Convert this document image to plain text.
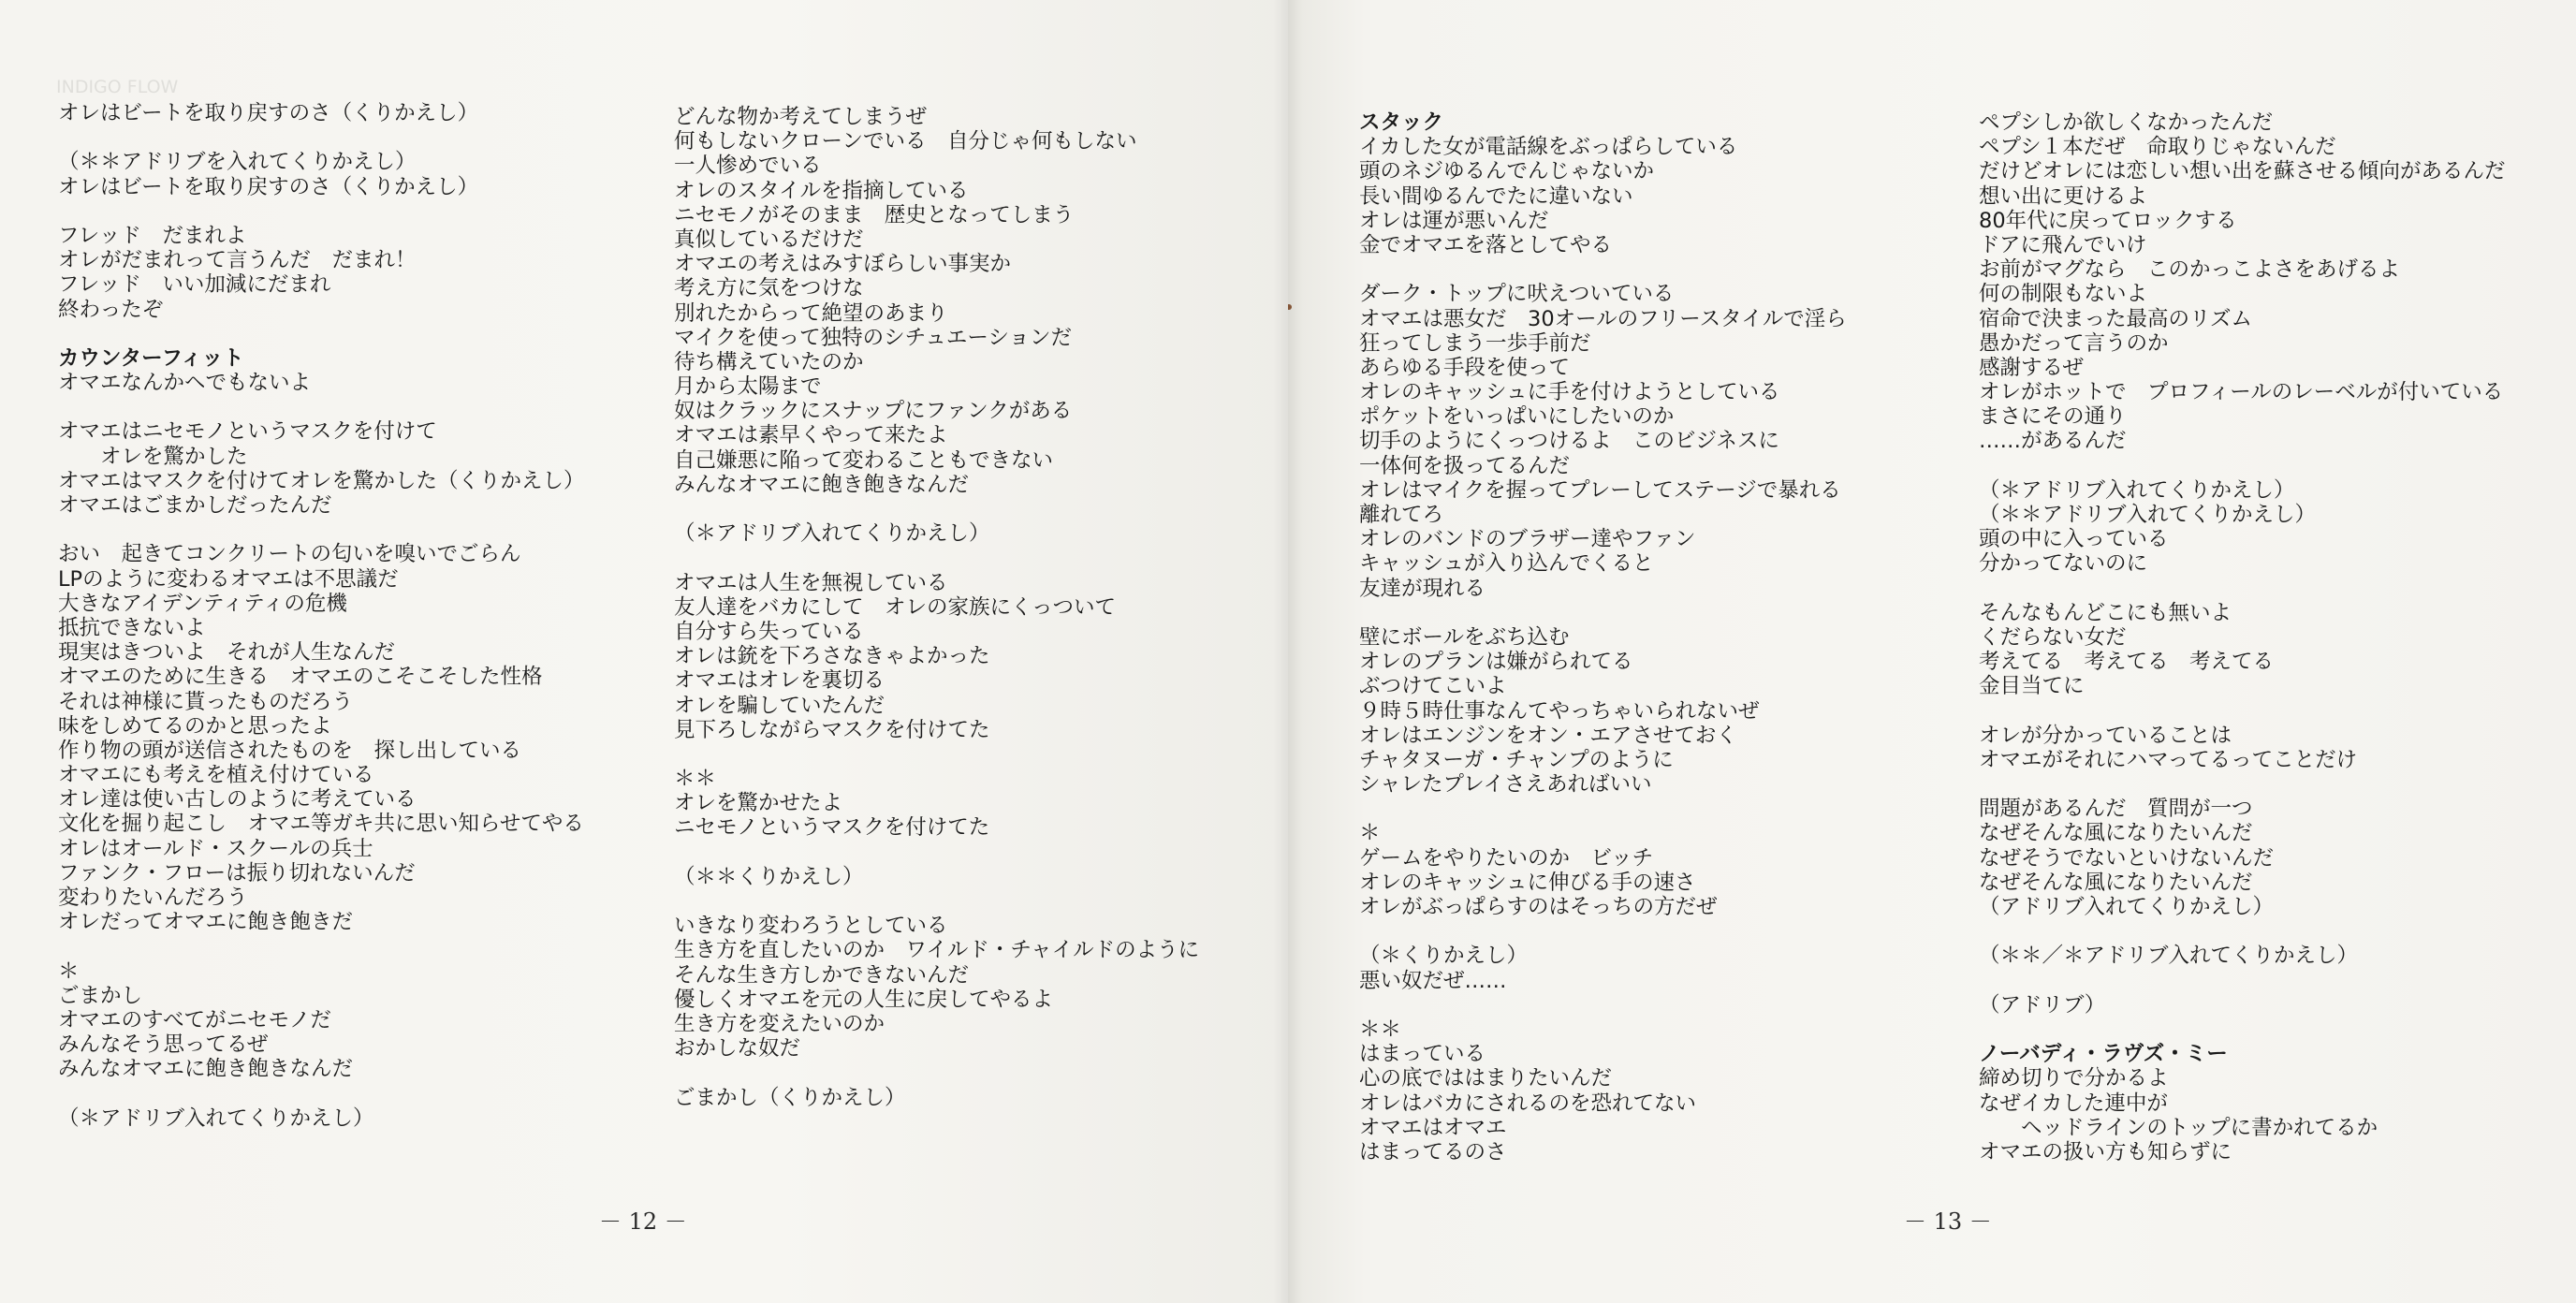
INDIGO FLOW
オレはビートを取り戻すのさ（くりかえし）
（＊＊アドリブを入れてくりかえし）
オレはビートを取り戻すのさ（くりかえし）
フレッド　だまれよ
オレがだまれって言うんだ　だまれ！
フレッド　いい加減にだまれ
終わったぞ
カウンターフィット
オマエなんかヘでもないよ
オマエはニセモノというマスクを付けて
　　オレを驚かした
オマエはマスクを付けてオレを驚かした（くりかえし）
オマエはごまかしだったんだ
おい　起きてコンクリートの匂いを嗅いでごらん
LPのように変わるオマエは不思議だ
大きなアイデンティティの危機
抵抗できないよ
現実はきついよ　それが人生なんだ
オマエのために生きる　オマエのこそこそした性格
それは神様に貰ったものだろう
味をしめてるのかと思ったよ
作り物の頭が送信されたものを　探し出している
オマエにも考えを植え付けている
オレ達は使い古しのように考えている
文化を掘り起こし　オマエ等ガキ共に思い知らせてやる
オレはオールド・スクールの兵士
ファンク・フローは振り切れないんだ
変わりたいんだろう
オレだってオマエに飽き飽きだ
＊
ごまかし
オマエのすべてがニセモノだ
みんなそう思ってるぜ
みんなオマエに飽き飽きなんだ
（＊アドリブ入れてくりかえし）
どんな物か考えてしまうぜ
何もしないクローンでいる　自分じゃ何もしない
一人惨めでいる
オレのスタイルを指摘している
ニセモノがそのまま　歴史となってしまう
真似しているだけだ
オマエの考えはみすぼらしい事実か
考え方に気をつけな
別れたからって絶望のあまり
マイクを使って独特のシチュエーションだ
待ち構えていたのか
月から太陽まで
奴はクラックにスナップにファンクがある
オマエは素早くやって来たよ
自己嫌悪に陥って変わることもできない
みんなオマエに飽き飽きなんだ
（＊アドリブ入れてくりかえし）
オマエは人生を無視している
友人達をバカにして　オレの家族にくっついて
自分すら失っている
オレは銃を下ろさなきゃよかった
オマエはオレを裏切る
オレを騙していたんだ
見下ろしながらマスクを付けてた
＊＊
オレを驚かせたよ
ニセモノというマスクを付けてた
（＊＊くりかえし）
いきなり変わろうとしている
生き方を直したいのか　ワイルド・チャイルドのように
そんな生き方しかできないんだ
優しくオマエを元の人生に戻してやるよ
生き方を変えたいのか
おかしな奴だ
ごまかし（くりかえし）
－ 12 －
スタック
イカした女が電話線をぶっぱらしている
頭のネジゆるんでんじゃないか
長い間ゆるんでたに違いない
オレは運が悪いんだ
金でオマエを落としてやる
ダーク・トップに吠えついている
オマエは悪女だ　30オールのフリースタイルで淫ら
狂ってしまう一歩手前だ
あらゆる手段を使って
オレのキャッシュに手を付けようとしている
ポケットをいっぱいにしたいのか
切手のようにくっつけるよ　このビジネスに
一体何を扱ってるんだ
オレはマイクを握ってプレーしてステージで暴れる
離れてろ
オレのバンドのブラザー達やファン
キャッシュが入り込んでくると
友達が現れる
壁にボールをぶち込む
オレのプランは嫌がられてる
ぶつけてこいよ
９時５時仕事なんてやっちゃいられないぜ
オレはエンジンをオン・エアさせておく
チャタヌーガ・チャンプのように
シャレたプレイさえあればいい
＊
ゲームをやりたいのか　ビッチ
オレのキャッシュに伸びる手の速さ
オレがぶっぱらすのはそっちの方だぜ
（＊くりかえし）
悪い奴だぜ……
＊＊
はまっている
心の底でははまりたいんだ
オレはバカにされるのを恐れてない
オマエはオマエ
はまってるのさ
ペプシしか欲しくなかったんだ
ペプシ１本だぜ　命取りじゃないんだ
だけどオレには恋しい想い出を蘇させる傾向があるんだ
想い出に更けるよ
80年代に戻ってロックする
ドアに飛んでいけ
お前がマグなら　このかっこよさをあげるよ
何の制限もないよ
宿命で決まった最高のリズム
愚かだって言うのか
感謝するぜ
オレがホットで　プロフィールのレーベルが付いている
まさにその通り
……があるんだ
（＊アドリブ入れてくりかえし）
（＊＊アドリブ入れてくりかえし）
頭の中に入っている
分かってないのに
そんなもんどこにも無いよ
くだらない女だ
考えてる　考えてる　考えてる
金目当てに
オレが分かっていることは
オマエがそれにハマってるってことだけ
問題があるんだ　質問が一つ
なぜそんな風になりたいんだ
なぜそうでないといけないんだ
なぜそんな風になりたいんだ
（アドリブ入れてくりかえし）
（＊＊／＊アドリブ入れてくりかえし）
（アドリブ）
ノーバディ・ラヴズ・ミー
締め切りで分かるよ
なぜイカした連中が
　　ヘッドラインのトップに書かれてるか
オマエの扱い方も知らずに
－ 13 －
